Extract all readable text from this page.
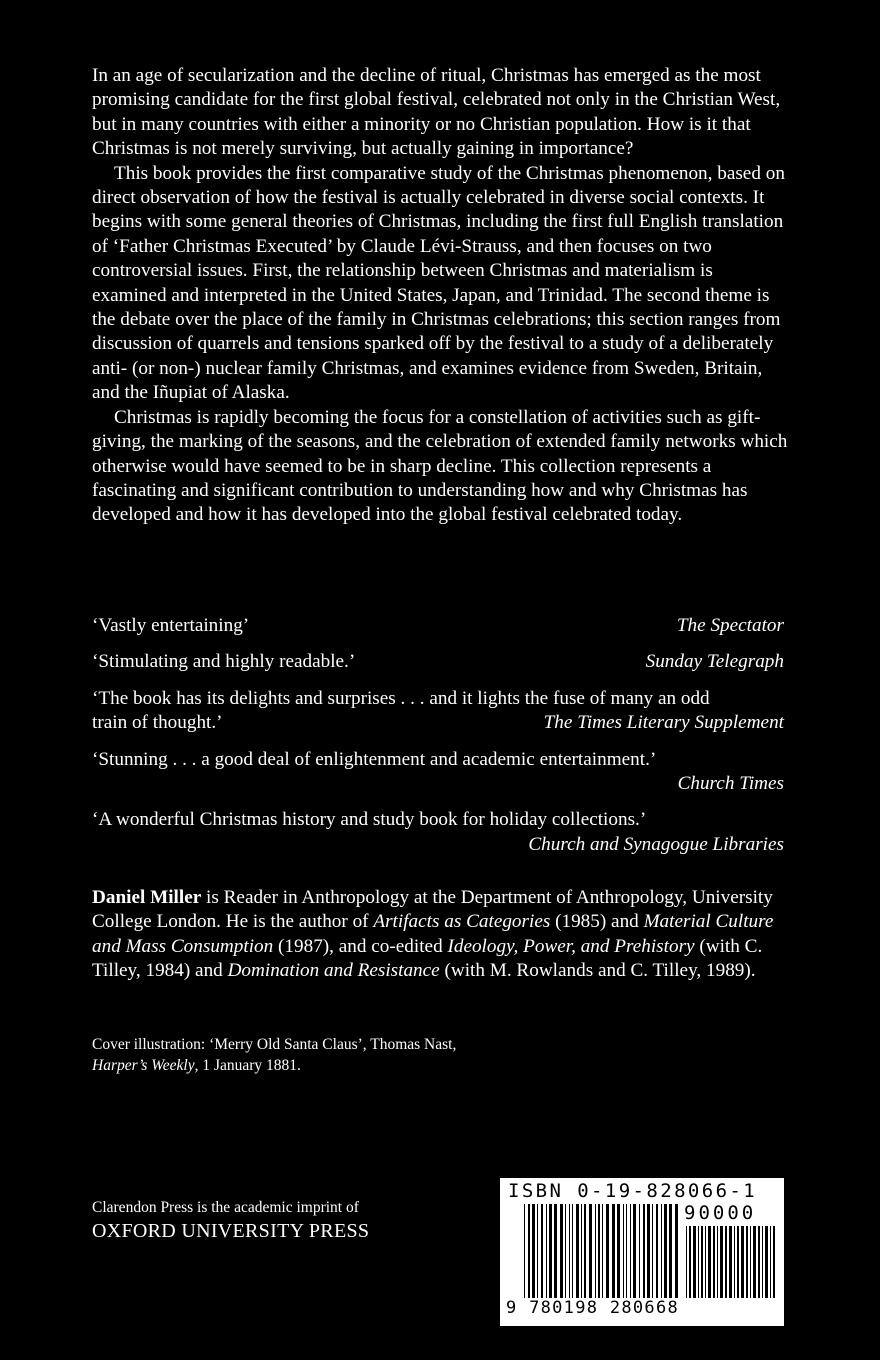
In an age of secularization and the decline of ritual, Christmas has emerged as the most promising candidate for the first global festival, celebrated not only in the Christian West, but in many countries with either a minority or no Christian population. How is it that Christmas is not merely surviving, but actually gaining in importance?

This book provides the first comparative study of the Christmas phenomenon, based on direct observation of how the festival is actually celebrated in diverse social contexts. It begins with some general theories of Christmas, including the first full English translation of ‘Father Christmas Executed’ by Claude Lévi-Strauss, and then focuses on two controversial issues. First, the relationship between Christmas and materialism is examined and interpreted in the United States, Japan, and Trinidad. The second theme is the debate over the place of the family in Christmas celebrations; this section ranges from discussion of quarrels and tensions sparked off by the festival to a study of a deliberately anti- (or non-) nuclear family Christmas, and examines evidence from Sweden, Britain, and the Iñupiat of Alaska.

Christmas is rapidly becoming the focus for a constellation of activities such as gift-giving, the marking of the seasons, and the celebration of extended family networks which otherwise would have seemed to be in sharp decline. This collection represents a fascinating and significant contribution to understanding how and why Christmas has developed and how it has developed into the global festival celebrated today.

‘Vastly entertaining’	The Spectator
‘Stimulating and highly readable.’	Sunday Telegraph
‘The book has its delights and surprises . . . and it lights the fuse of many an odd train of thought.’	The Times Literary Supplement
‘Stunning . . . a good deal of enlightenment and academic entertainment.’
Church Times
‘A wonderful Christmas history and study book for holiday collections.’
Church and Synagogue Libraries
Daniel Miller is Reader in Anthropology at the Department of Anthropology, University College London. He is the author of Artifacts as Categories (1985) and Material Culture and Mass Consumption (1987), and co-edited Ideology, Power, and Prehistory (with C. Tilley, 1984) and Domination and Resistance (with M. Rowlands and C. Tilley, 1989).
Cover illustration: ‘Merry Old Santa Claus’, Thomas Nast,
Harper’s Weekly, 1 January 1881.
Clarendon Press is the academic imprint of
OXFORD UNIVERSITY PRESS
ISBN 0-19-828066-1
90000
9 780198 280668
